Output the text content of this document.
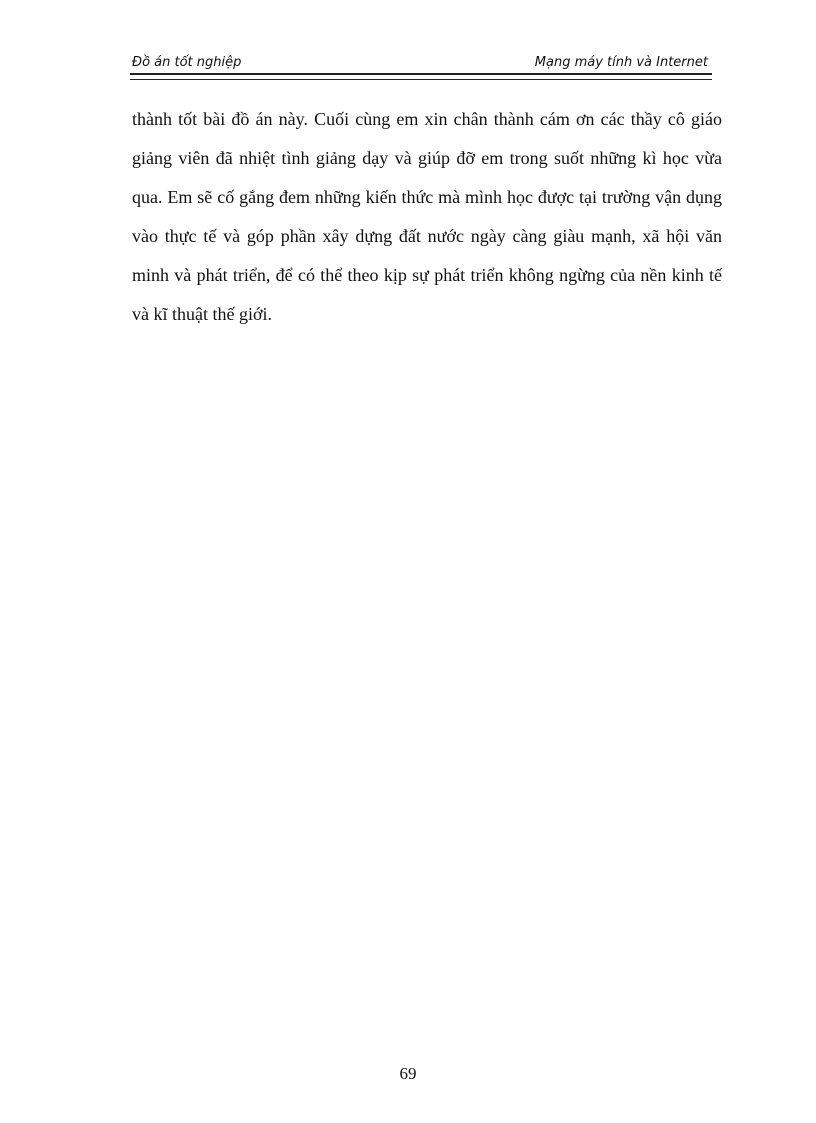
Đồ án tốt nghiệp	Mạng máy tính và Internet

thành tốt bài đồ án này. Cuối cùng em xin chân thành cám ơn các thầy cô giáo giảng viên đã nhiệt tình giảng dạy và giúp đỡ em trong suốt những kì học vừa qua. Em sẽ cố gắng đem những kiến thức mà mình học được tại trường vận dụng vào thực tế và góp phần xây dựng đất nước ngày càng giàu mạnh, xã hội văn minh và phát triển, để có thể theo kịp sự phát triển không ngừng của nền kinh tế và kĩ thuật thế giới.

69
